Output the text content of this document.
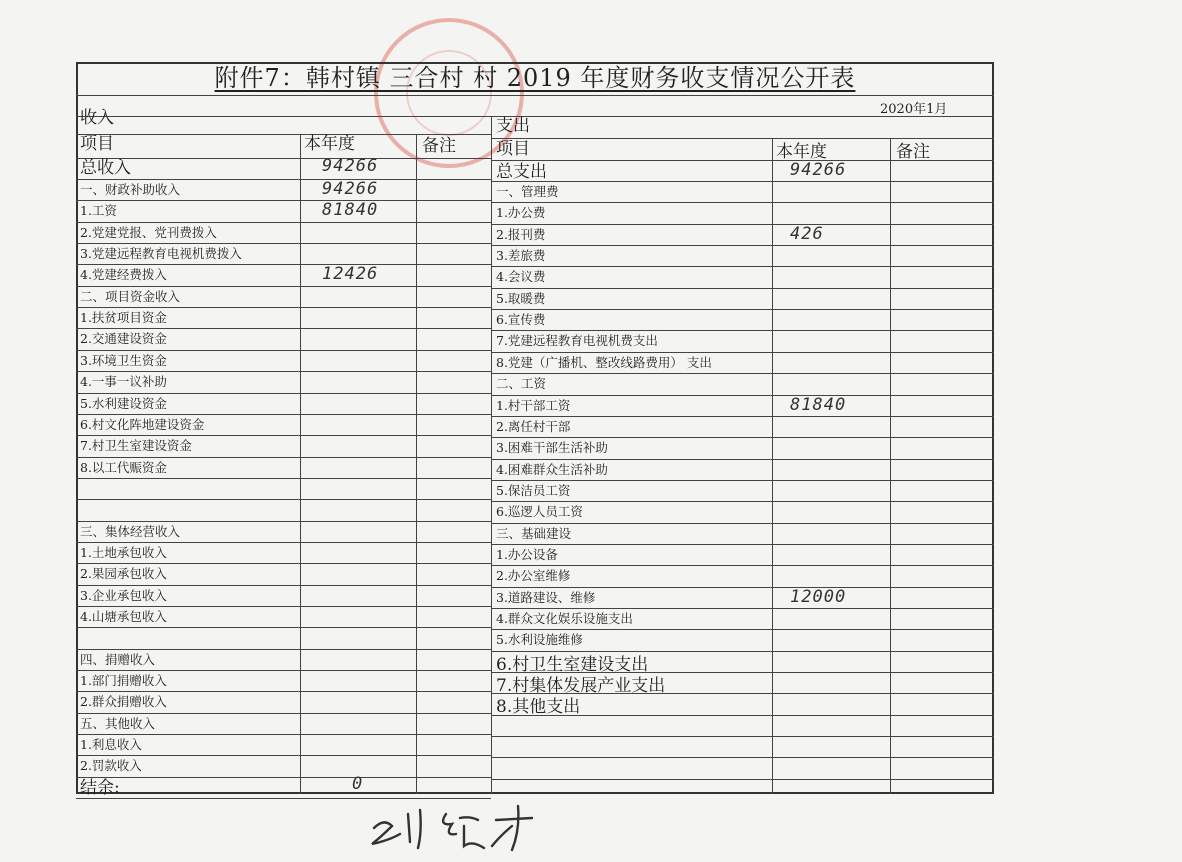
附件7：韩村镇 三合村 村 2019 年度财务收支情况公开表
收入
项目	本年度	备注
总收入	94266
一、财政补助收入	94266
1.工资	81840
2.党建党报、党刊费拨入
3.党建远程教育电视机费拨入
4.党建经费拨入	12426
二、项目资金收入
1.扶贫项目资金
2.交通建设资金
3.环境卫生资金
4.一事一议补助
5.水利建设资金
6.村文化阵地建设资金
7.村卫生室建设资金
8.以工代赈资金
三、集体经营收入
1.土地承包收入
2.果园承包收入
3.企业承包收入
4.山塘承包收入
四、捐赠收入
1.部门捐赠收入
2.群众捐赠收入
五、其他收入
1.利息收入
2.罚款收入
结余:	0
支出
项目	本年度	备注
总支出	94266
一、管理费
1.办公费
2.报刊费	426
3.差旅费
4.会议费
5.取暖费
6.宣传费
7.党建远程教育电视机费支出
8.党建（广播机、整改线路费用） 支出
二、工资
1.村干部工资	81840
2.离任村干部
3.困难干部生活补助
4.困难群众生活补助
5.保洁员工资
6.巡逻人员工资
三、基础建设
1.办公设备
2.办公室维修
3.道路建设、维修	12000
4.群众文化娱乐设施支出
5.水利设施维修
6.村卫生室建设支出
7.村集体发展产业支出
8.其他支出
2020年1月
